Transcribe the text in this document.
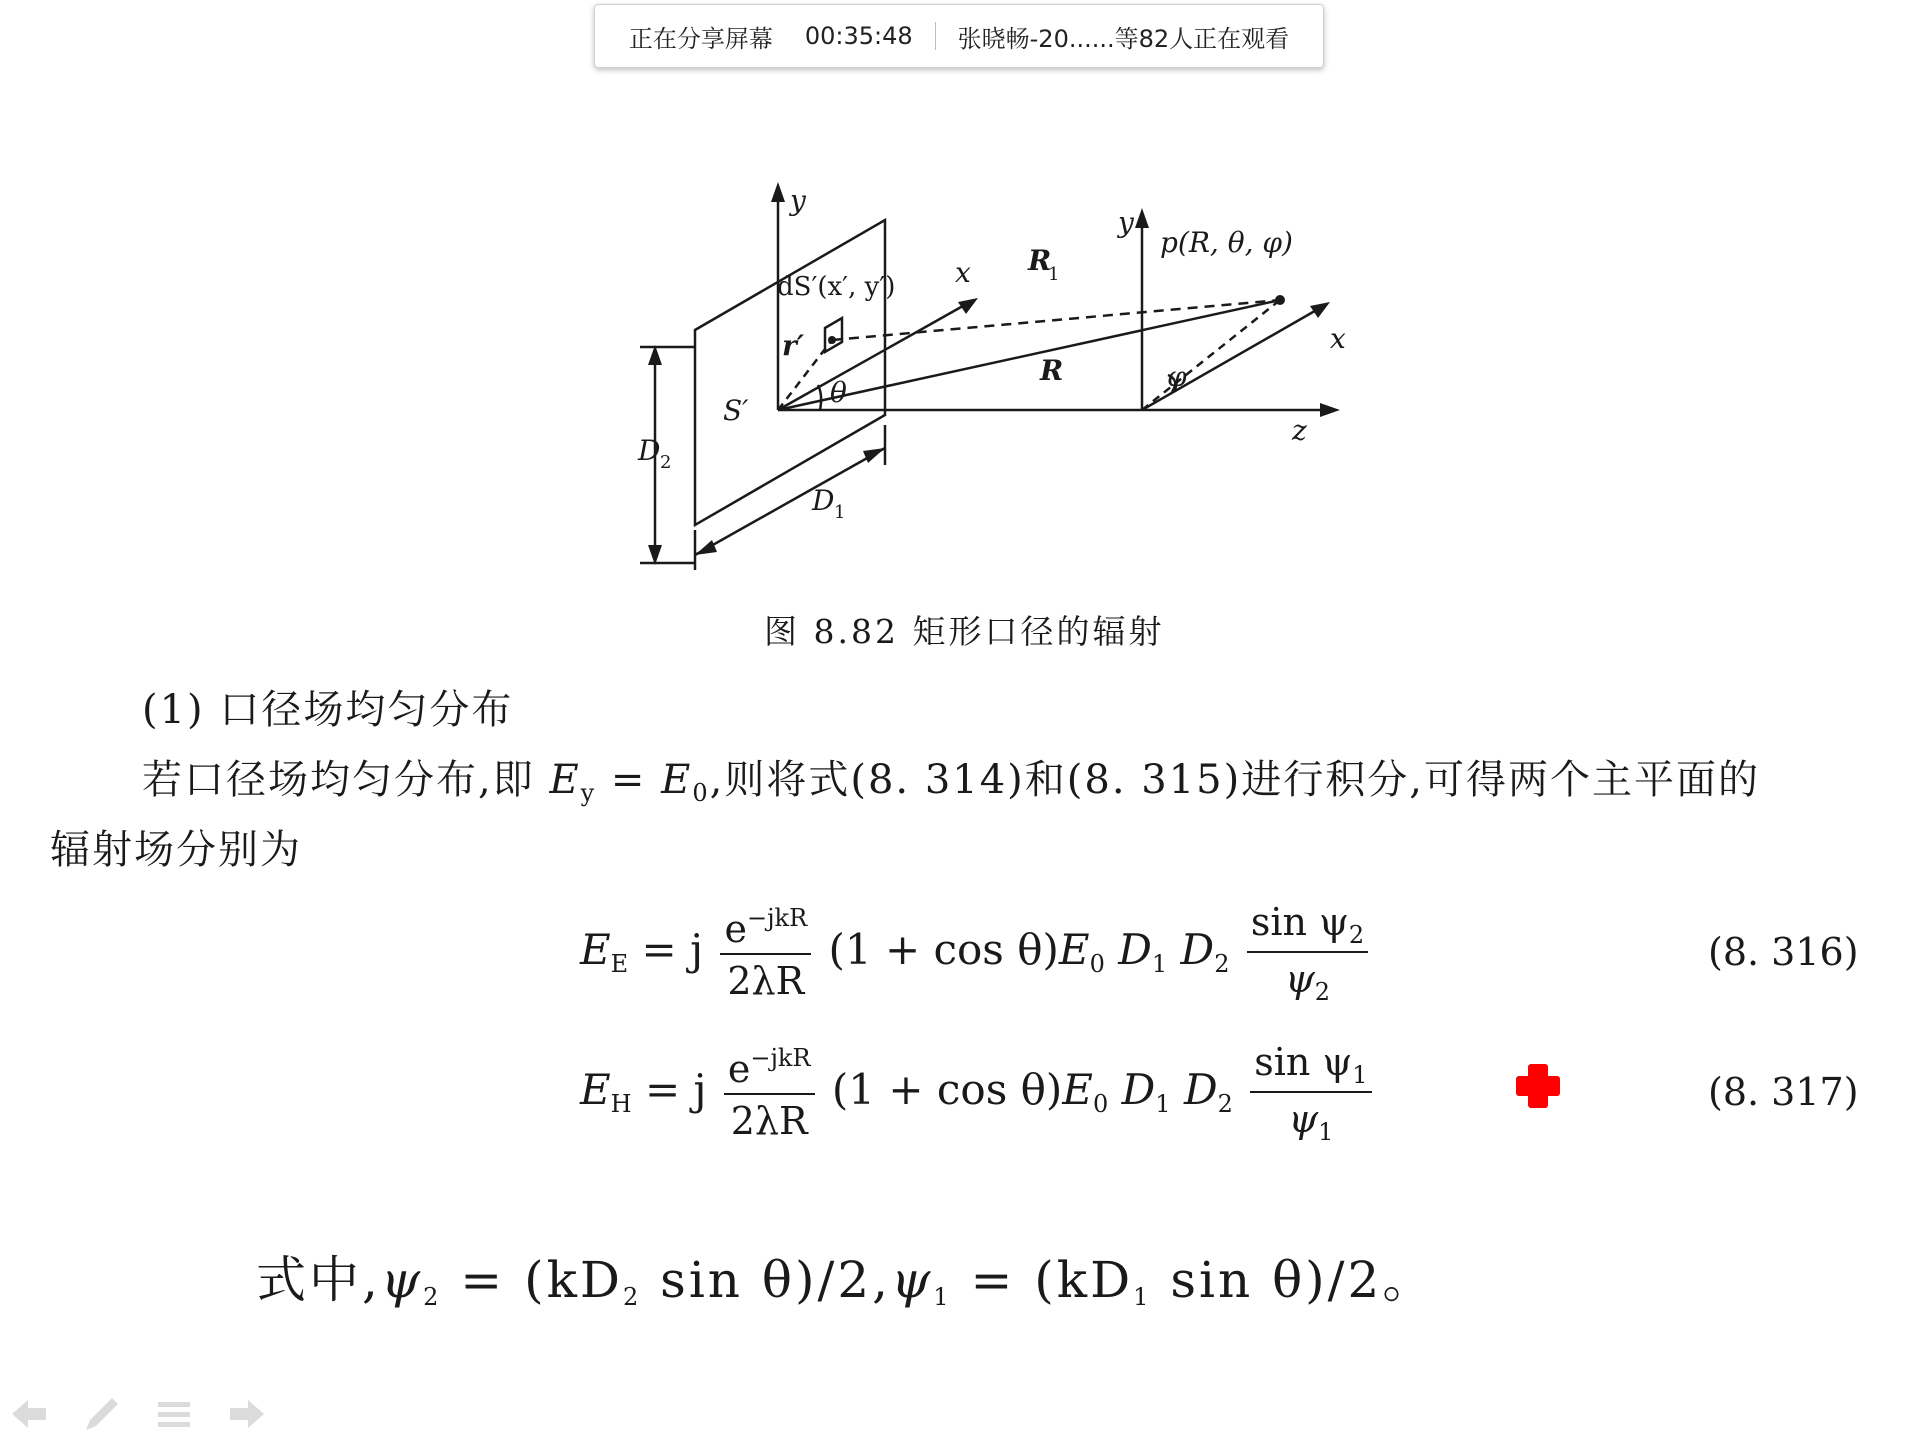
正在分享屏幕 00:35:48 张晓畅-20......等82人正在观看
y
y
x
x
z
dS′(x′, y′)
r′
R
1
R
θ	φ
p(R, θ, φ)
S′
D 2
D 1
图 8.82 矩形口径的辐射
(1) 口径场均匀分布
若口径场均匀分布,即 $E_y = E_0$,则将式(8. 314)和(8. 315)进行积分,可得两个主平面的
辐射场分别为
$E_E = j \frac{e^{-jkR}}{2\lambda R} (1 + \cos \theta)E_0$ $D_1$ $D_2 \frac{\sin \psi_2}{\psi_2}$	(8. 316)
$E_H = j \frac{e^{-jkR}}{2\lambda R} (1 + \cos \theta)E_0$ $D_1$ $D_2 \frac{\sin \psi_1}{\psi_1}$	(8. 317)
式中$,\psi_2 = (kD_2$ $\sin \theta)/2,\psi_1 = (kD_1$ sin θ)/2。
